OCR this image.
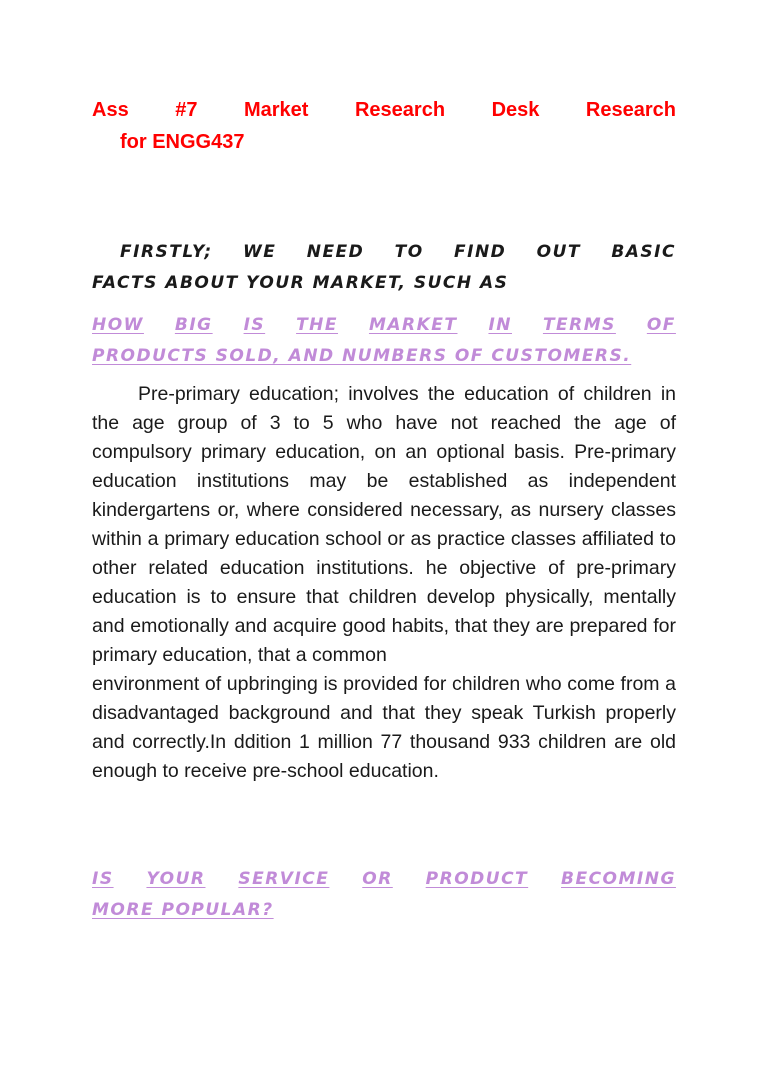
Ass #7 Market Research Desk Research
for ENGG437
FIRSTLY; WE NEED TO FIND OUT BASIC
FACTS ABOUT YOUR MARKET, SUCH AS
HOW BIG IS THE MARKET IN TERMS OF
PRODUCTS SOLD, AND NUMBERS OF CUSTOMERS.
Pre-primary education; involves the education of children in the age group of 3 to 5 who have not reached the age of compulsory primary education, on an optional basis. Pre-primary education institutions may be established as independent kindergartens or, where considered necessary, as nursery classes within a primary education school or as practice classes affiliated to other related education institutions. he objective of pre-primary education is to ensure that children develop physically, mentally and emotionally and acquire good habits, that they are prepared for primary education, that a common
environment of upbringing is provided for children who come from a disadvantaged background and that they speak Turkish properly and correctly.In ddition 1 million 77 thousand 933 children are old enough to receive pre-school education.
IS YOUR SERVICE OR PRODUCT BECOMING
MORE POPULAR?
